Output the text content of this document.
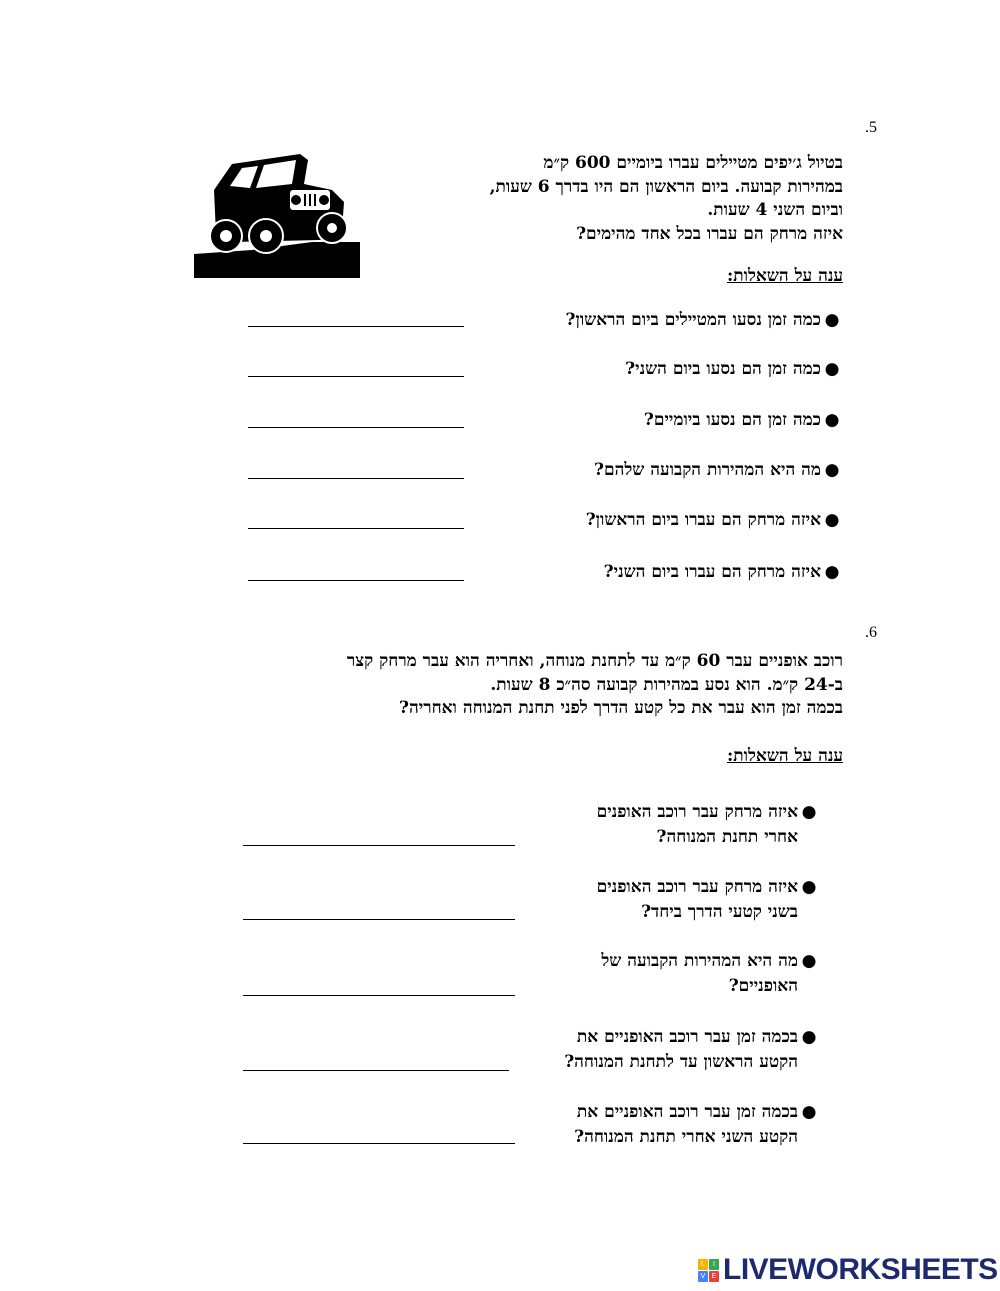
.5
בטיול ג׳יפים מטיילים עברו ביומיים 600 ק״מ
במהירות קבועה. ביום הראשון הם היו בדרך 6 שעות,
וביום השני 4 שעות.
איזה מרחק הם עברו בכל אחד מהימים?
ענה על השאלות:
●כמה זמן נסעו המטיילים ביום הראשון?
●כמה זמן הם נסעו ביום השני?
●כמה זמן הם נסעו ביומיים?
●מה היא המהירות הקבועה שלהם?
●איזה מרחק הם עברו ביום הראשון?
●איזה מרחק הם עברו ביום השני?
.6
רוכב אופניים עבר 60 ק״מ עד לתחנת מנוחה, ואחריה הוא עבר מרחק קצר
ב-24 ק״מ. הוא נסע במהירות קבועה סה״כ 8 שעות.
בכמה זמן הוא עבר את כל קטע הדרך לפני תחנת המנוחה ואחריה?
ענה על השאלות:
●איזה מרחק עבר רוכב האופנים
אחרי תחנת המנוחה?
●איזה מרחק עבר רוכב האופנים
בשני קטעי הדרך ביחד?
●מה היא המהירות הקבועה של
האופניים?
●בכמה זמן עבר רוכב האופניים את
הקטע הראשון עד לתחנת המנוחה?
●בכמה זמן עבר רוכב האופניים את
הקטע השני אחרי תחנת המנוחה?
L	I
V E LIVEWORKSHEETS
